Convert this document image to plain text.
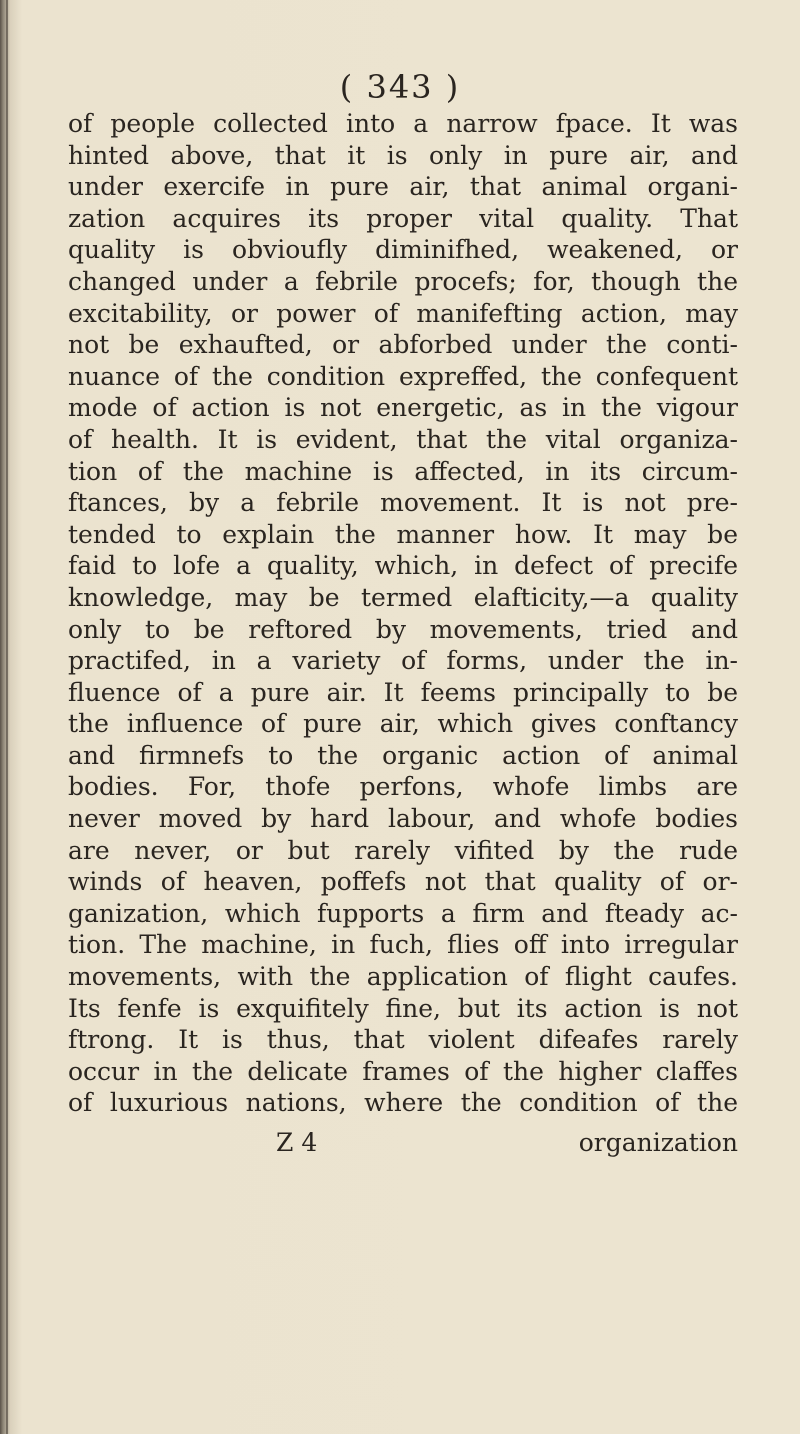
( 343 )
of people collected into a narrow fpace. It was
hinted above, that it is only in pure air, and
under exercife in pure air, that animal organi-
zation acquires its proper vital quality. That
quality is obvioufly diminifhed, weakened, or
changed under a febrile procefs; for, though the
excitability, or power of manifefting action, may
not be exhaufted, or abforbed under the conti-
nuance of the condition expreffed, the confequent
mode of action is not energetic, as in the vigour
of health. It is evident, that the vital organiza-
tion of the machine is affected, in its circum-
ftances, by a febrile movement. It is not pre-
tended to explain the manner how. It may be
faid to lofe a quality, which, in defect of precife
knowledge, may be termed elafticity,—a quality
only to be reftored by movements, tried and
practifed, in a variety of forms, under the in-
fluence of a pure air. It feems principally to be
the influence of pure air, which gives conftancy
and firmnefs to the organic action of animal
bodies. For, thofe perfons, whofe limbs are
never moved by hard labour, and whofe bodies
are never, or but rarely vifited by the rude
winds of heaven, poffefs not that quality of or-
ganization, which fupports a firm and fteady ac-
tion. The machine, in fuch, flies off into irregular
movements, with the application of flight caufes.
Its fenfe is exquifitely fine, but its action is not
ftrong. It is thus, that violent difeafes rarely
occur in the delicate frames of the higher claffes
of luxurious nations, where the condition of the
Z 4	organization
